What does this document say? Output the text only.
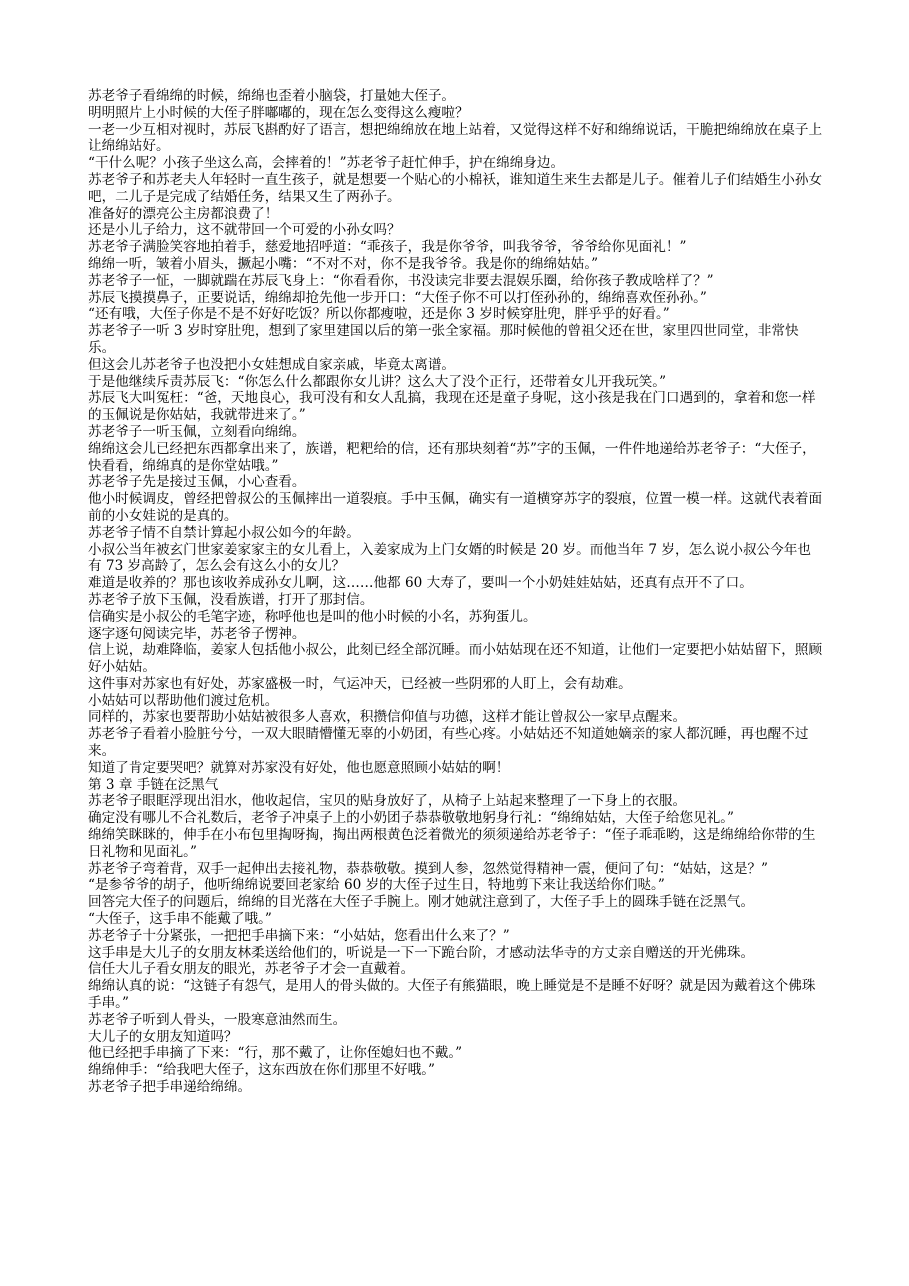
苏老爷子看绵绵的时候，绵绵也歪着小脑袋，打量她大侄子。

明明照片上小时候的大侄子胖嘟嘟的，现在怎么变得这么瘦啦？

一老一少互相对视时，苏辰飞斟酌好了语言，想把绵绵放在地上站着，又觉得这样不好和绵绵说话，干脆把绵绵放在桌子上让绵绵站好。

“干什么呢？小孩子坐这么高，会摔着的！”苏老爷子赶忙伸手，护在绵绵身边。

苏老爷子和苏老夫人年轻时一直生孩子，就是想要一个贴心的小棉袄，谁知道生来生去都是儿子。催着儿子们结婚生小孙女吧，二儿子是完成了结婚任务，结果又生了两孙子。

准备好的漂亮公主房都浪费了！

还是小儿子给力，这不就带回一个可爱的小孙女吗？

苏老爷子满脸笑容地拍着手，慈爱地招呼道：“乖孩子，我是你爷爷，叫我爷爷，爷爷给你见面礼！”

绵绵一听，皱着小眉头，撅起小嘴：“不对不对，你不是我爷爷。我是你的绵绵姑姑。”

苏老爷子一怔，一脚就踹在苏辰飞身上：“你看看你，书没读完非要去混娱乐圈，给你孩子教成啥样了？”

苏辰飞摸摸鼻子，正要说话，绵绵却抢先他一步开口：“大侄子你不可以打侄孙孙的，绵绵喜欢侄孙孙。”

“还有哦，大侄子你是不是不好好吃饭？所以你都瘦啦，还是你 3 岁时候穿肚兜，胖乎乎的好看。”

苏老爷子一听 3 岁时穿肚兜，想到了家里建国以后的第一张全家福。那时候他的曾祖父还在世，家里四世同堂，非常快乐。

但这会儿苏老爷子也没把小女娃想成自家亲戚，毕竟太离谱。

于是他继续斥责苏辰飞：“你怎么什么都跟你女儿讲？这么大了没个正行，还带着女儿开我玩笑。”

苏辰飞大叫冤枉：“爸，天地良心，我可没有和女人乱搞，我现在还是童子身呢，这小孩是我在门口遇到的，拿着和您一样的玉佩说是你姑姑，我就带进来了。”

苏老爷子一听玉佩，立刻看向绵绵。

绵绵这会儿已经把东西都拿出来了，族谱，粑粑给的信，还有那块刻着“苏”字的玉佩，一件件地递给苏老爷子：“大侄子，快看看，绵绵真的是你堂姑哦。”

苏老爷子先是接过玉佩，小心查看。

他小时候调皮，曾经把曾叔公的玉佩摔出一道裂痕。手中玉佩，确实有一道横穿苏字的裂痕，位置一模一样。这就代表着面前的小女娃说的是真的。

苏老爷子情不自禁计算起小叔公如今的年龄。

小叔公当年被玄门世家姜家家主的女儿看上，入姜家成为上门女婿的时候是 20 岁。而他当年 7 岁，怎么说小叔公今年也有 73 岁高龄了，怎么会有这么小的女儿？

难道是收养的？那也该收养成孙女儿啊，这……他都 60 大寿了，要叫一个小奶娃娃姑姑，还真有点开不了口。

苏老爷子放下玉佩，没看族谱，打开了那封信。

信确实是小叔公的毛笔字迹，称呼他也是叫的他小时候的小名，苏狗蛋儿。

逐字逐句阅读完毕，苏老爷子愣神。

信上说，劫难降临，姜家人包括他小叔公，此刻已经全部沉睡。而小姑姑现在还不知道，让他们一定要把小姑姑留下，照顾好小姑姑。

这件事对苏家也有好处，苏家盛极一时，气运冲天，已经被一些阴邪的人盯上，会有劫难。

小姑姑可以帮助他们渡过危机。

同样的，苏家也要帮助小姑姑被很多人喜欢，积攒信仰值与功德，这样才能让曾叔公一家早点醒来。

苏老爷子看着小脸脏兮兮，一双大眼睛懵懂无辜的小奶团，有些心疼。小姑姑还不知道她嫡亲的家人都沉睡，再也醒不过来。

知道了肯定要哭吧？就算对苏家没有好处，他也愿意照顾小姑姑的啊！

第 3 章 手链在泛黑气

苏老爷子眼眶浮现出泪水，他收起信，宝贝的贴身放好了，从椅子上站起来整理了一下身上的衣服。

确定没有哪儿不合礼数后，老爷子冲桌子上的小奶团子恭恭敬敬地躬身行礼：“绵绵姑姑，大侄子给您见礼。”

绵绵笑眯眯的，伸手在小布包里掏呀掏，掏出两根黄色泛着微光的须须递给苏老爷子：“侄子乖乖哟，这是绵绵给你带的生日礼物和见面礼。”

苏老爷子弯着背，双手一起伸出去接礼物，恭恭敬敬。摸到人参，忽然觉得精神一震，便问了句：“姑姑，这是？”

“是参爷爷的胡子，他听绵绵说要回老家给 60 岁的大侄子过生日，特地剪下来让我送给你们哒。”

回答完大侄子的问题后，绵绵的目光落在大侄子手腕上。刚才她就注意到了，大侄子手上的圆珠手链在泛黑气。

“大侄子，这手串不能戴了哦。”

苏老爷子十分紧张，一把把手串摘下来：“小姑姑，您看出什么来了？”

这手串是大儿子的女朋友林柔送给他们的，听说是一下一下跪台阶，才感动法华寺的方丈亲自赠送的开光佛珠。

信任大儿子看女朋友的眼光，苏老爷子才会一直戴着。

绵绵认真的说：“这链子有怨气，是用人的骨头做的。大侄子有熊猫眼，晚上睡觉是不是睡不好呀？就是因为戴着这个佛珠手串。”

苏老爷子听到人骨头，一股寒意油然而生。

大儿子的女朋友知道吗？

他已经把手串摘了下来：“行，那不戴了，让你侄媳妇也不戴。”

绵绵伸手：“给我吧大侄子，这东西放在你们那里不好哦。”

苏老爷子把手串递给绵绵。
